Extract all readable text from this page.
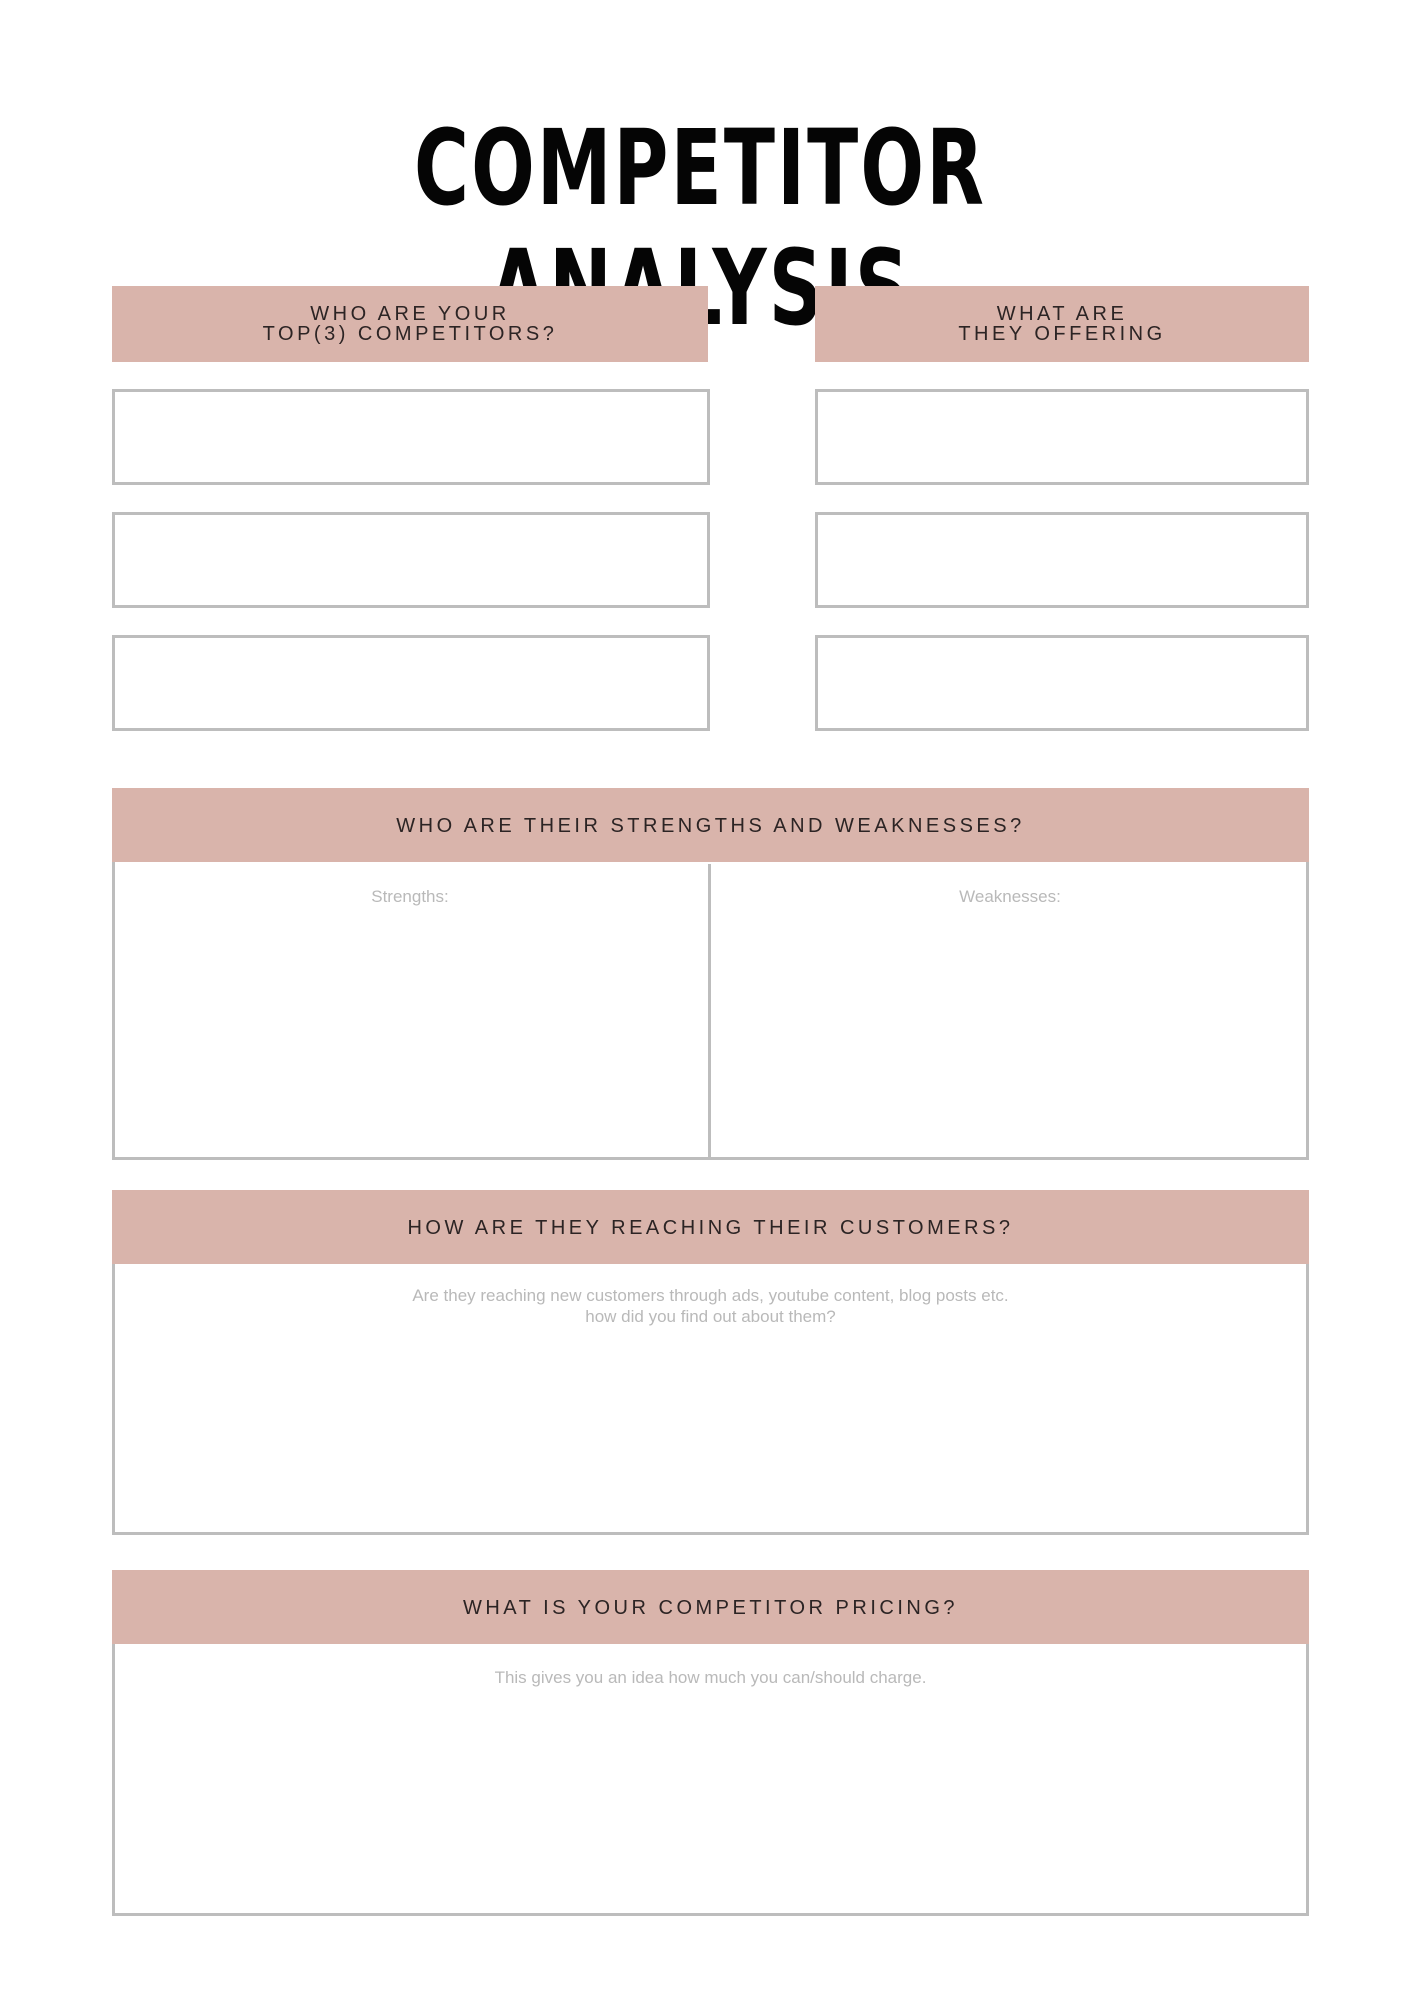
COMPETITOR
WHO ARE YOUR
TOP(3) COMPETITORS?
WHAT ARE
THEY OFFERING
WHO ARE THEIR STRENGTHS AND WEAKNESSES?
Strengths:	Weaknesses:
HOW ARE THEY REACHING THEIR CUSTOMERS?
Are they reaching new customers through ads, youtube content, blog posts etc.
how did you find out about them?
WHAT IS YOUR COMPETITOR PRICING?
This gives you an idea how much you can/should charge.
